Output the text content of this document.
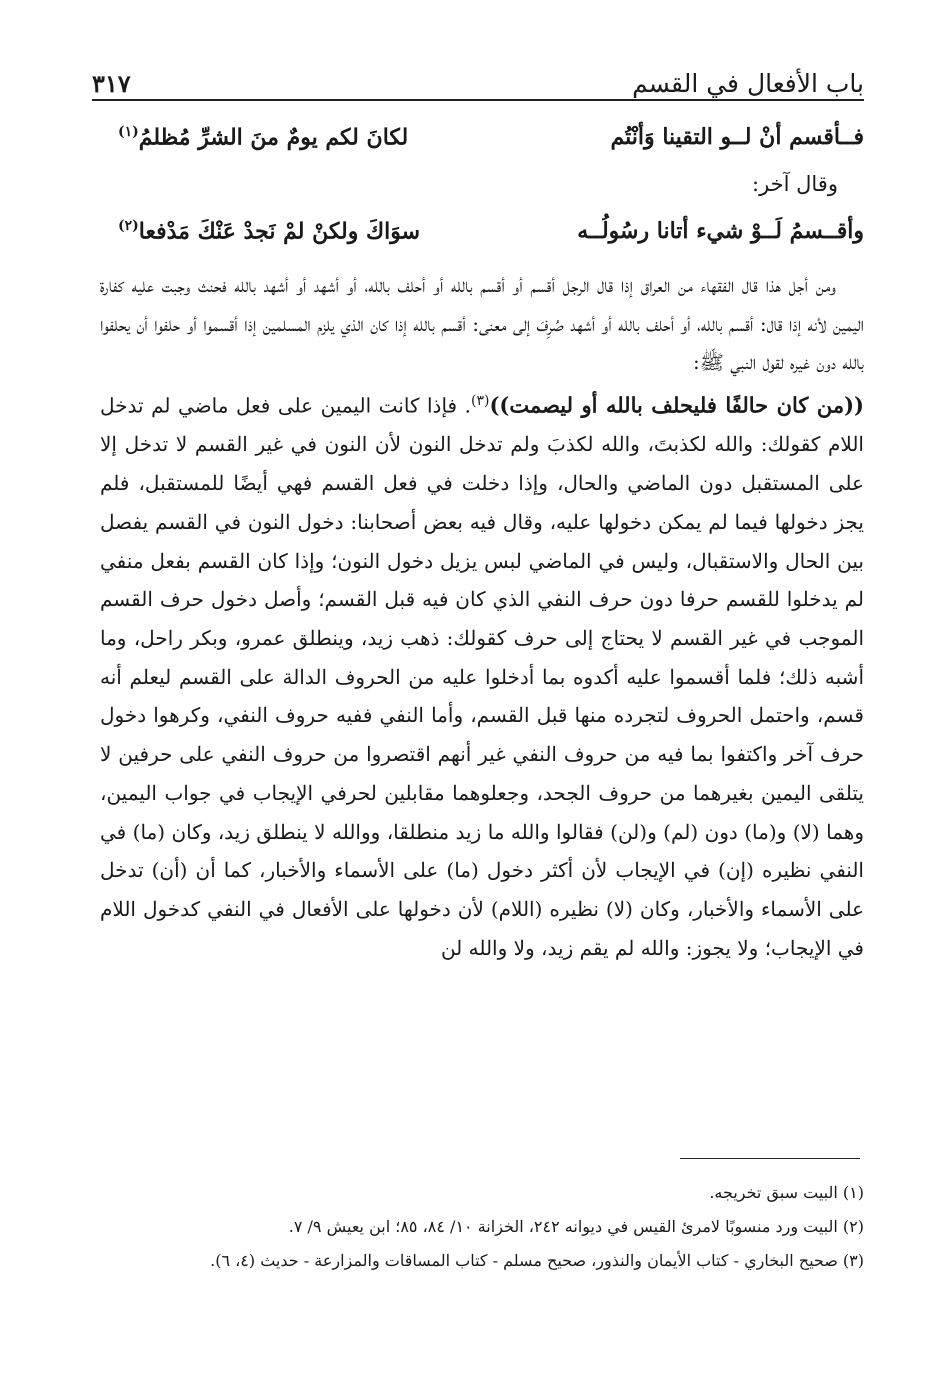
باب الأفعال في القسم
٣١٧
فــأقسم أنْ لــو التقينا وَأنْتُم
لكانَ لكم يومٌ منَ الشرِّ مُظلمُ$^{(١)}$
وقال آخر:
وأقــسمُ لَــوْ شيء أتانا رسُولُــه
سوَاكَ ولكنْ لمْ نَجدْ عَنْكَ مَدْفعا$^{(٢)}$

ومن أجل هذا قال الفقهاء من العراق إذا قال الرجل أقسم أو أقسم بالله أو أحلف بالله، أو أشهد أو أشهد بالله فحنث وجبت عليه كفارة اليمين لأنه إذا قال: أقسم بالله، أو أحلف بالله أو أشهد صُرِفَ إلى معنى: أقسم بالله إذا كان الذي يلزم المسلمين إذا أقسموا أو حلفوا أن يحلفوا بالله دون غيره لقول النبي ﷺ:

((من كان حالفًا فليحلف بالله أو ليصمت))$^{(٣)}$. فإذا كانت اليمين على فعل ماضي لم تدخل اللام كقولك: والله لكذبتَ، والله لكذبَ ولم تدخل النون لأن النون في غير القسم لا تدخل إلا على المستقبل دون الماضي والحال، وإذا دخلت في فعل القسم فهي أيضًا للمستقبل، فلم يجز دخولها فيما لم يمكن دخولها عليه، وقال فيه بعض أصحابنا: دخول النون في القسم يفصل بين الحال والاستقبال، وليس في الماضي لبس يزيل دخول النون؛ وإذا كان القسم بفعل منفي لم يدخلوا للقسم حرفا دون حرف النفي الذي كان فيه قبل القسم؛ وأصل دخول حرف القسم الموجب في غير القسم لا يحتاج إلى حرف كقولك: ذهب زيد، وينطلق عمرو، وبكر راحل، وما أشبه ذلك؛ فلما أقسموا عليه أكدوه بما أدخلوا عليه من الحروف الدالة على القسم ليعلم أنه قسم، واحتمل الحروف لتجرده منها قبل القسم، وأما النفي ففيه حروف النفي، وكرهوا دخول حرف آخر واكتفوا بما فيه من حروف النفي غير أنهم اقتصروا من حروف النفي على حرفين لا يتلقى اليمين بغيرهما من حروف الجحد، وجعلوهما مقابلين لحرفي الإيجاب في جواب اليمين، وهما (لا) و(ما) دون (لم) و(لن) فقالوا والله ما زيد منطلقا، ووالله لا ينطلق زيد، وكان (ما) في النفي نظيره (إن) في الإيجاب لأن أكثر دخول (ما) على الأسماء والأخبار، كما أن (أن) تدخل على الأسماء والأخبار، وكان (لا) نظيره (اللام) لأن دخولها على الأفعال في النفي كدخول اللام في الإيجاب؛ ولا يجوز: والله لم يقم زيد، ولا والله لن

(١) البيت سبق تخريجه.
(٢) البيت ورد منسوبًا لامرئ القيس في ديوانه ٢٤٢، الخزانة ١٠/ ٨٤، ٨٥؛ ابن يعيش ٩/ ٧.
(٣) صحيح البخاري - كتاب الأيمان والنذور، صحيح مسلم - كتاب المساقات والمزارعة - حديث (٤، ٦).
